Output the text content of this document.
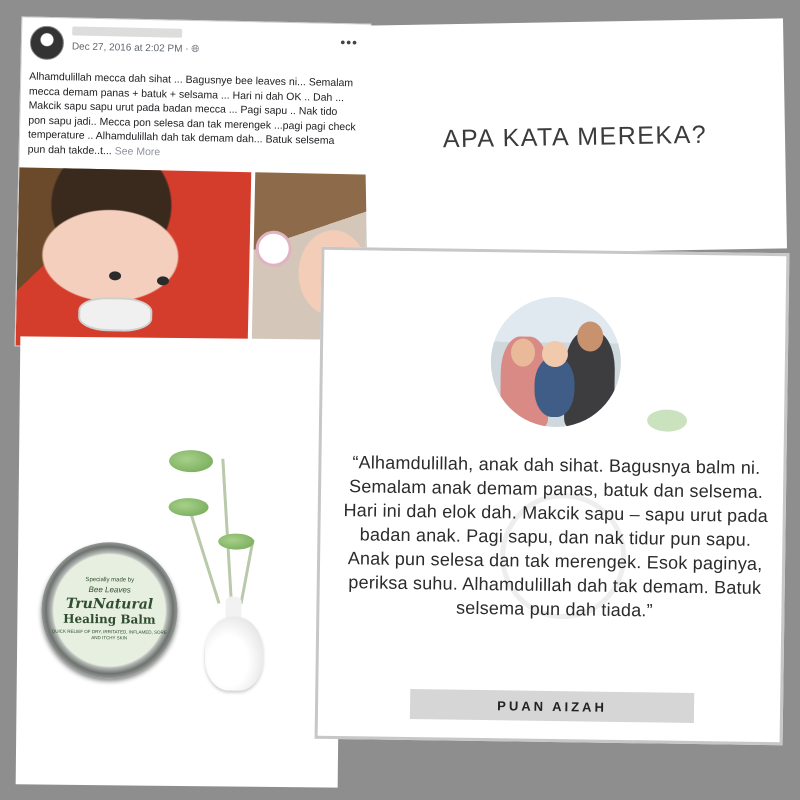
Dec 27, 2016 at 2:02 PM · 🌐︎	•••
Alhamdulillah mecca dah sihat ... Bagusnye bee leaves ni... Semalam
mecca demam panas + batuk + selsama ... Hari ni dah OK .. Dah ...
Makcik sapu sapu urut pada badan mecca ... Pagi sapu .. Nak tido
pon sapu jadi.. Mecca pon selesa dan tak merengek ...pagi pagi check
temperature .. Alhamdulillah dah tak demam dah... Batuk selsema
pun dah takde..t... See More	APA KATA MEREKA?
Specially made by
Bee Leaves
TruNatural
Healing Balm
QUICK RELIEF OF DRY, IRRITATED, INFLAMED, SORE AND ITCHY SKIN
“Alhamdulillah, anak dah sihat. Bagusnya balm ni. Semalam anak demam panas, batuk dan selsema. Hari ini dah elok dah. Makcik sapu – sapu urut pada badan anak. Pagi sapu, dan nak tidur pun sapu. Anak pun selesa dan tak merengek. Esok paginya, periksa suhu. Alhamdulillah dah tak demam. Batuk selsema pun dah tiada.”
PUAN AIZAH
